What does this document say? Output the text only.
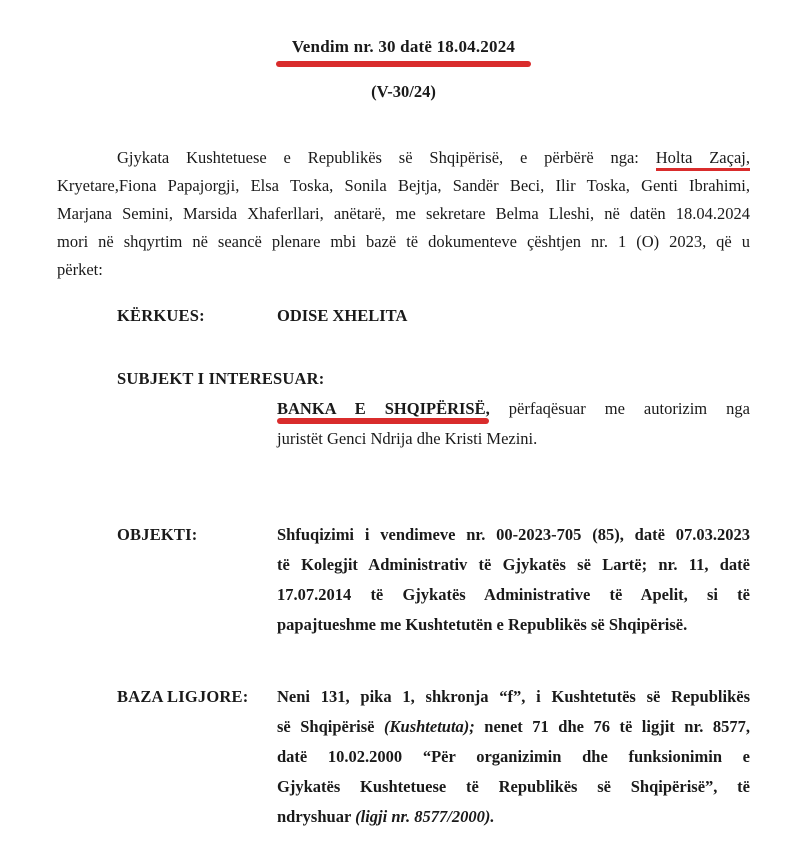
Vendim nr. 30 datë 18.04.2024
(V-30/24)
Gjykata Kushtetuese e Republikës së Shqipërisë, e përbërë nga: Holta Zaçaj,
Kryetare,Fiona Papajorgji, Elsa Toska, Sonila Bejtja, Sandër Beci, Ilir Toska, Genti Ibrahimi,
Marjana Semini, Marsida Xhaferllari, anëtarë, me sekretare Belma Lleshi, në datën 18.04.2024
mori në shqyrtim në seancë plenare mbi bazë të dokumenteve çështjen nr. 1 (O) 2023, që u
përket:
KËRKUES:	ODISE XHELITA
SUBJEKT I INTERESUAR:
BANKA E SHQIPËRISË, përfaqësuar me autorizim nga
juristët Genci Ndrija dhe Kristi Mezini.
OBJEKTI:	Shfuqizimi i vendimeve nr. 00-2023-705 (85), datë 07.03.2023
të Kolegjit Administrativ të Gjykatës së Lartë; nr. 11, datë
17.07.2014 të Gjykatës Administrative të Apelit, si të
papajtueshme me Kushtetutën e Republikës së Shqipërisë.
BAZA LIGJORE:	Neni 131, pika 1, shkronja “f”, i Kushtetutës së Republikës
së Shqipërisë (Kushtetuta); nenet 71 dhe 76 të ligjit nr. 8577,
datë 10.02.2000 “Për organizimin dhe funksionimin e
Gjykatës Kushtetuese të Republikës së Shqipërisë”, të
ndryshuar (ligji nr. 8577/2000).
